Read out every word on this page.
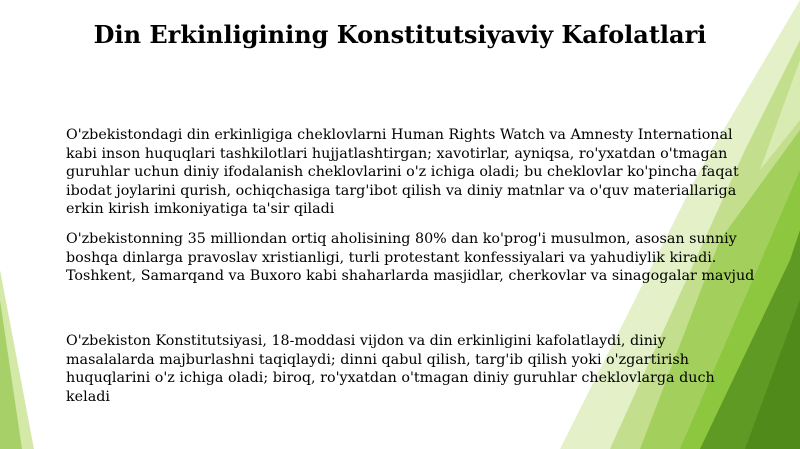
Din Erkinligining Konstitutsiyaviy Kafolatlari

O'zbekistondagi din erkinligiga cheklovlarni Human Rights Watch va Amnesty International kabi inson huquqlari tashkilotlari hujjatlashtirgan; xavotirlar, ayniqsa, ro'yxatdan o'tmagan guruhlar uchun diniy ifodalanish cheklovlarini o'z ichiga oladi; bu cheklovlar ko'pincha faqat ibodat joylarini qurish, ochiqchasiga targ'ibot qilish va diniy matnlar va o'quv materiallariga erkin kirish imkoniyatiga ta'sir qiladi

O'zbekistonning 35 milliondan ortiq aholisining 80% dan ko'prog'i musulmon, asosan sunniy boshqa dinlarga pravoslav xristianligi, turli protestant konfessiyalari va yahudiylik kiradi. Toshkent, Samarqand va Buxoro kabi shaharlarda masjidlar, cherkovlar va sinagogalar mavjud

O'zbekiston Konstitutsiyasi, 18-moddasi vijdon va din erkinligini kafolatlaydi, diniy masalalarda majburlashni taqiqlaydi; dinni qabul qilish, targ'ib qilish yoki o'zgartirish huquqlarini o'z ichiga oladi; biroq, ro'yxatdan o'tmagan diniy guruhlar cheklovlarga duch keladi
